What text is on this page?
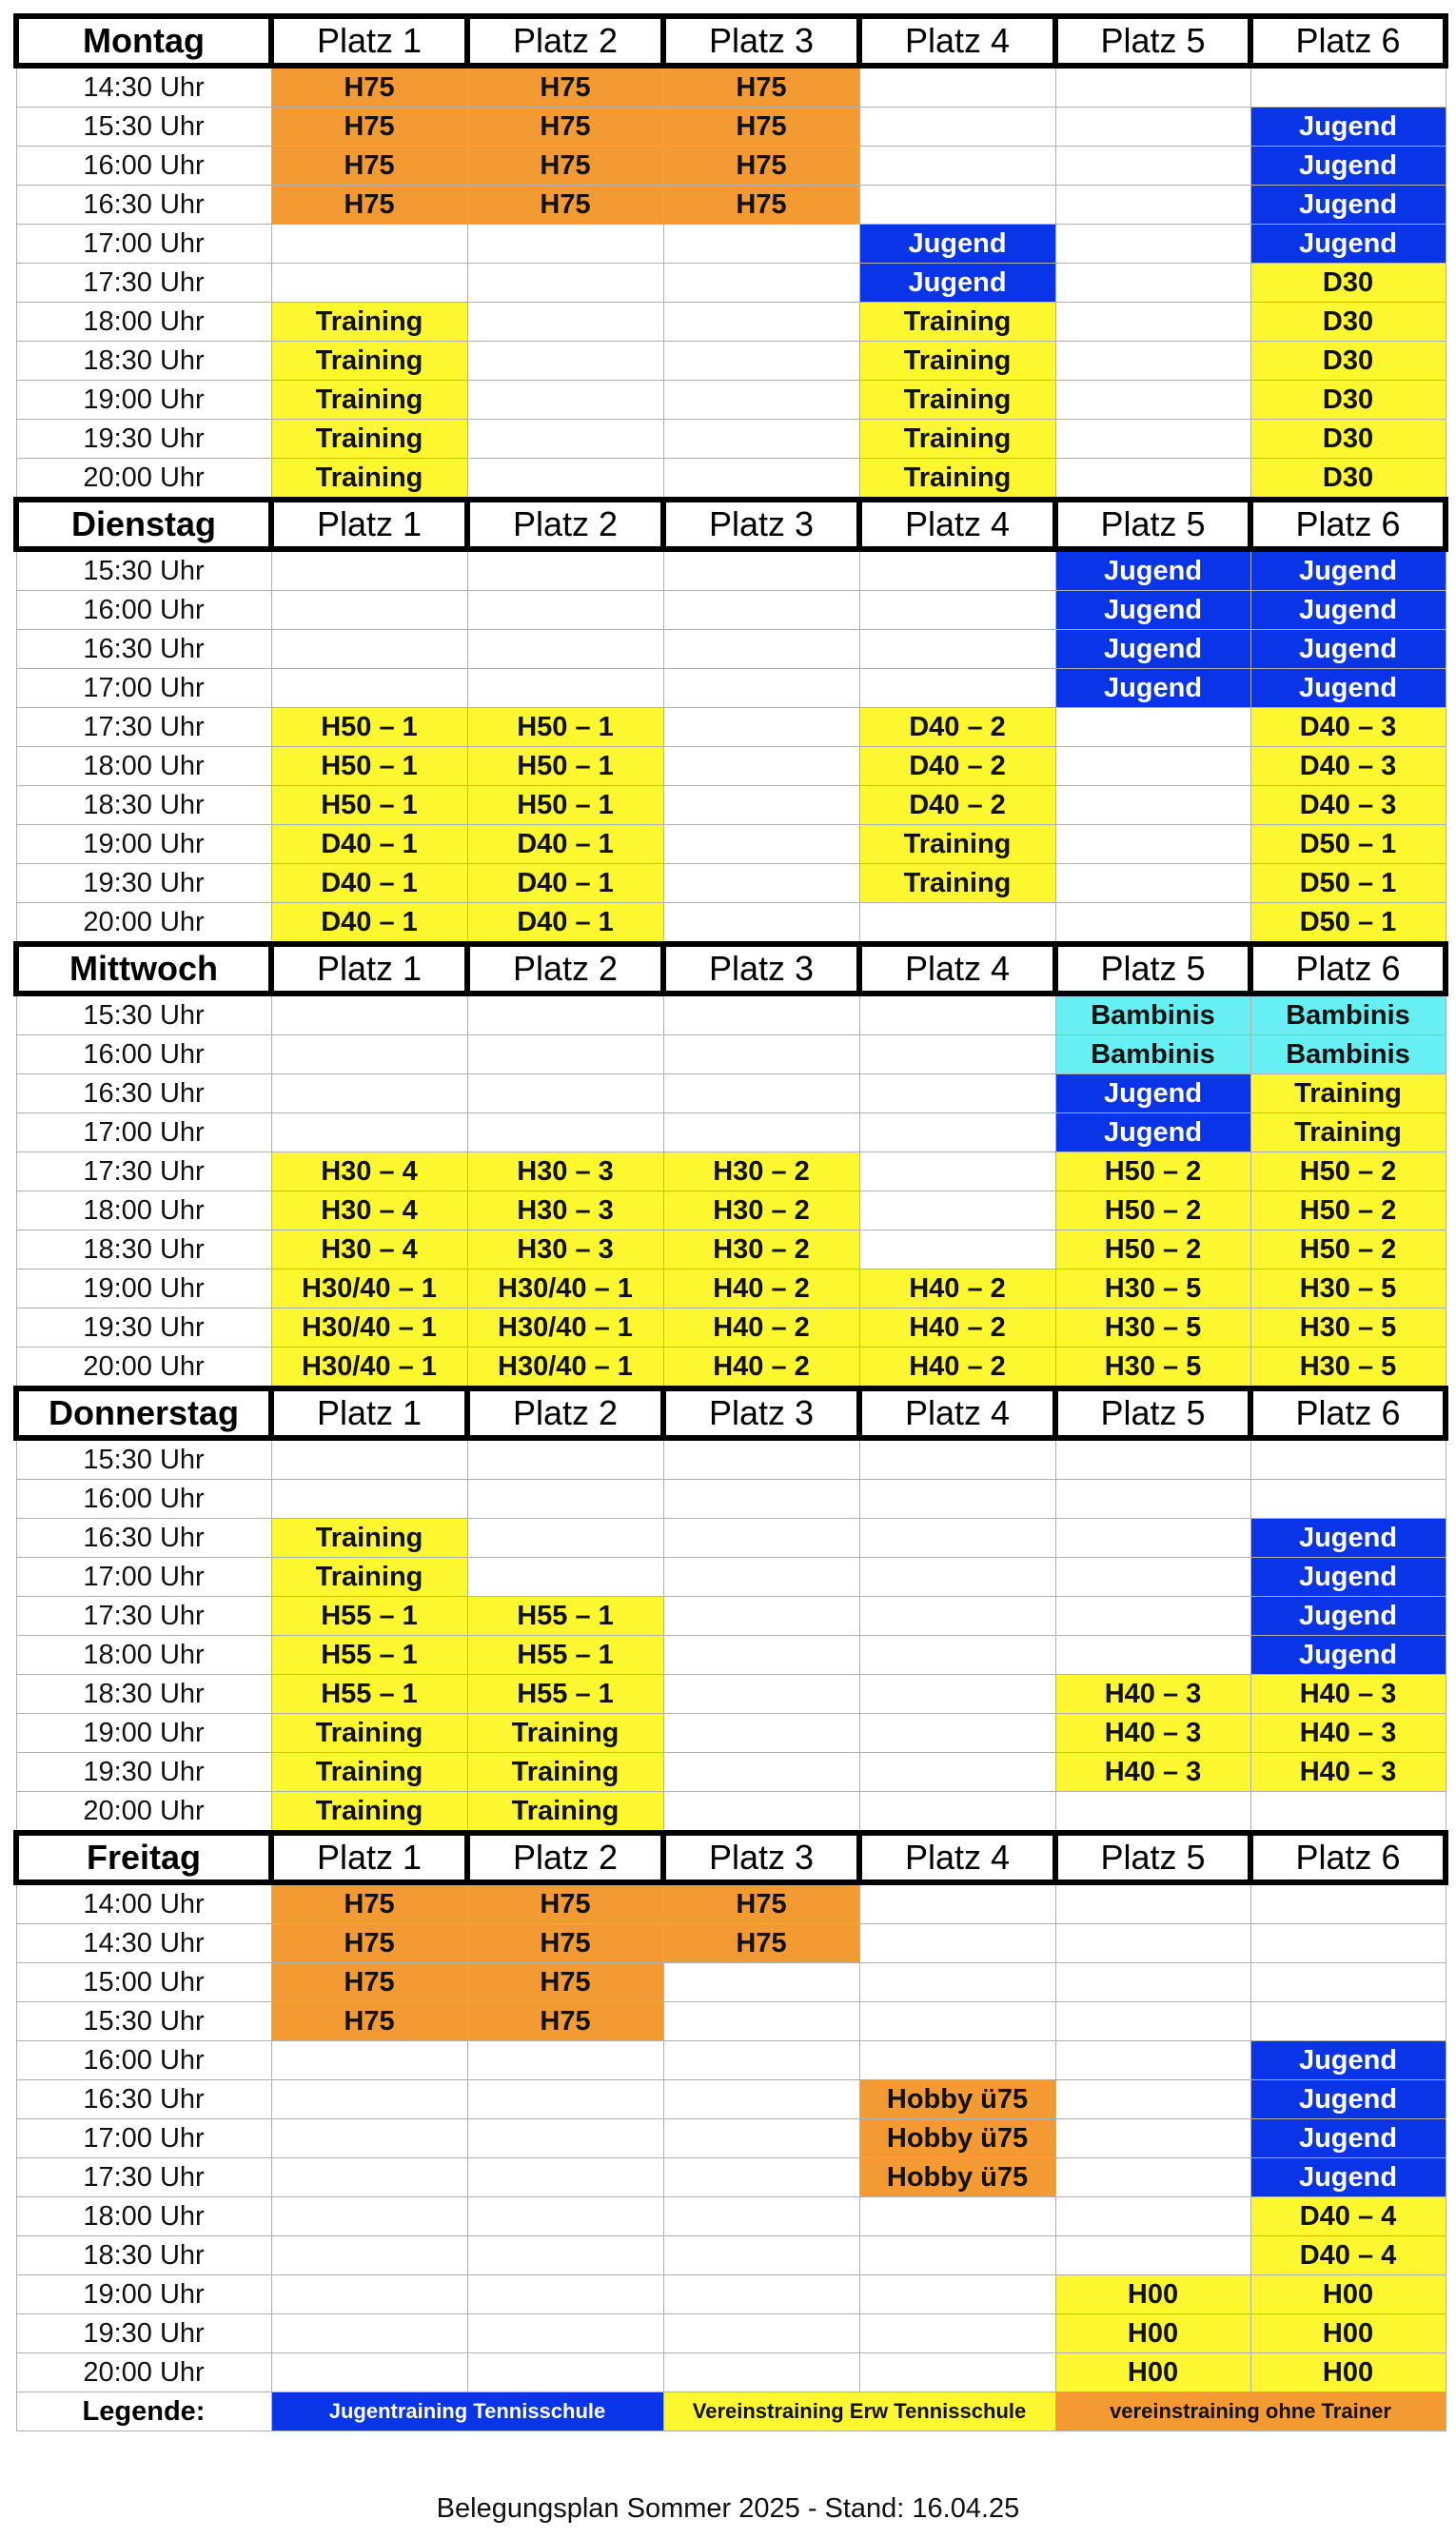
Montag	Platz 1	Platz 2	Platz 3	Platz 4	Platz 5	Platz 6
14:30 Uhr	H75	H75	H75			
15:30 Uhr	H75	H75	H75			Jugend
16:00 Uhr	H75	H75	H75			Jugend
16:30 Uhr	H75	H75	H75			Jugend
17:00 Uhr				Jugend		Jugend
17:30 Uhr				Jugend		D30
18:00 Uhr	Training			Training		D30
18:30 Uhr	Training			Training		D30
19:00 Uhr	Training			Training		D30
19:30 Uhr	Training			Training		D30
20:00 Uhr	Training			Training		D30
Dienstag	Platz 1	Platz 2	Platz 3	Platz 4	Platz 5	Platz 6
15:30 Uhr					Jugend	Jugend
16:00 Uhr					Jugend	Jugend
16:30 Uhr					Jugend	Jugend
17:00 Uhr					Jugend	Jugend
17:30 Uhr	H50 – 1	H50 – 1		D40 – 2		D40 – 3
18:00 Uhr	H50 – 1	H50 – 1		D40 – 2		D40 – 3
18:30 Uhr	H50 – 1	H50 – 1		D40 – 2		D40 – 3
19:00 Uhr	D40 – 1	D40 – 1		Training		D50 – 1
19:30 Uhr	D40 – 1	D40 – 1		Training		D50 – 1
20:00 Uhr	D40 – 1	D40 – 1				D50 – 1
Mittwoch	Platz 1	Platz 2	Platz 3	Platz 4	Platz 5	Platz 6
15:30 Uhr					Bambinis	Bambinis
16:00 Uhr					Bambinis	Bambinis
16:30 Uhr					Jugend	Training
17:00 Uhr					Jugend	Training
17:30 Uhr	H30 – 4	H30 – 3	H30 – 2		H50 – 2	H50 – 2
18:00 Uhr	H30 – 4	H30 – 3	H30 – 2		H50 – 2	H50 – 2
18:30 Uhr	H30 – 4	H30 – 3	H30 – 2		H50 – 2	H50 – 2
19:00 Uhr	H30/40 – 1	H30/40 – 1	H40 – 2	H40 – 2	H30 – 5	H30 – 5
19:30 Uhr	H30/40 – 1	H30/40 – 1	H40 – 2	H40 – 2	H30 – 5	H30 – 5
20:00 Uhr	H30/40 – 1	H30/40 – 1	H40 – 2	H40 – 2	H30 – 5	H30 – 5
Donnerstag	Platz 1	Platz 2	Platz 3	Platz 4	Platz 5	Platz 6
15:30 Uhr						
16:00 Uhr						
16:30 Uhr	Training					Jugend
17:00 Uhr	Training					Jugend
17:30 Uhr	H55 – 1	H55 – 1				Jugend
18:00 Uhr	H55 – 1	H55 – 1				Jugend
18:30 Uhr	H55 – 1	H55 – 1			H40 – 3	H40 – 3
19:00 Uhr	Training	Training			H40 – 3	H40 – 3
19:30 Uhr	Training	Training			H40 – 3	H40 – 3
20:00 Uhr	Training	Training				
Freitag	Platz 1	Platz 2	Platz 3	Platz 4	Platz 5	Platz 6
14:00 Uhr	H75	H75	H75			
14:30 Uhr	H75	H75	H75			
15:00 Uhr	H75	H75				
15:30 Uhr	H75	H75				
16:00 Uhr						Jugend
16:30 Uhr				Hobby ü75		Jugend
17:00 Uhr				Hobby ü75		Jugend
17:30 Uhr				Hobby ü75		Jugend
18:00 Uhr						D40 – 4
18:30 Uhr						D40 – 4
19:00 Uhr					H00	H00
19:30 Uhr					H00	H00
20:00 Uhr					H00	H00
Legende:	Jugentraining Tennisschule		Vereinstraining Erw Tennisschule		vereinstraining ohne Trainer	
Belegungsplan Sommer 2025 - Stand: 16.04.25
